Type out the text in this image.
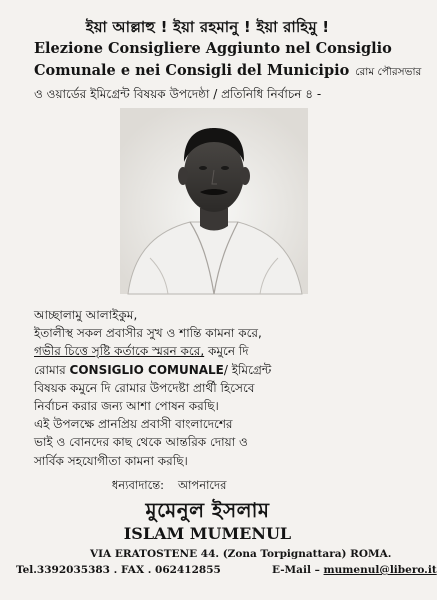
ইয়া আল্লাহু ! ইয়া রহমানু ! ইয়া রাহিমু !
Elezione Consigliere Aggiunto nel Consiglio
Comunale e nei Consigli del Municipio রোম পৌরসভার
ও ওয়ার্ডের ইমিগ্রেন্ট বিষয়ক উপদেষ্ঠা / প্রতিনিধি নির্বাচন ৪ -
আচ্ছালামু আলাইকুম,
ইতালীস্থ সকল প্রবাসীর সুখ ও শান্তি কামনা করে,
গভীর চিত্তে সৃষ্টি কর্তাকে স্মরন করে, কমুনে দি
রোমার CONSIGLIO COMUNALE/ ইমিগ্রেন্ট
বিষয়ক কমুনে দি রোমার উপদেষ্টা প্রার্থী হিসেবে
নির্বাচন করার জন্য আশা পোষন করছি।
এই উপলক্ষে প্রানপ্রিয় প্রবাসী বাংলাদেশের
ভাই ও বোনদের কাছ থেকে আন্তরিক দোয়া ও
সার্বিক সহযোগীতা কামনা করছি।
ধন্যবাদান্তে: আপনাদের
মুমেনুল ইসলাম
ISLAM MUMENUL
VIA ERATOSTENE 44. (Zona Torpignattara) ROMA.
Tel.3392035383 . FAX . 062412855	E-Mail – mumenul@libero.it
